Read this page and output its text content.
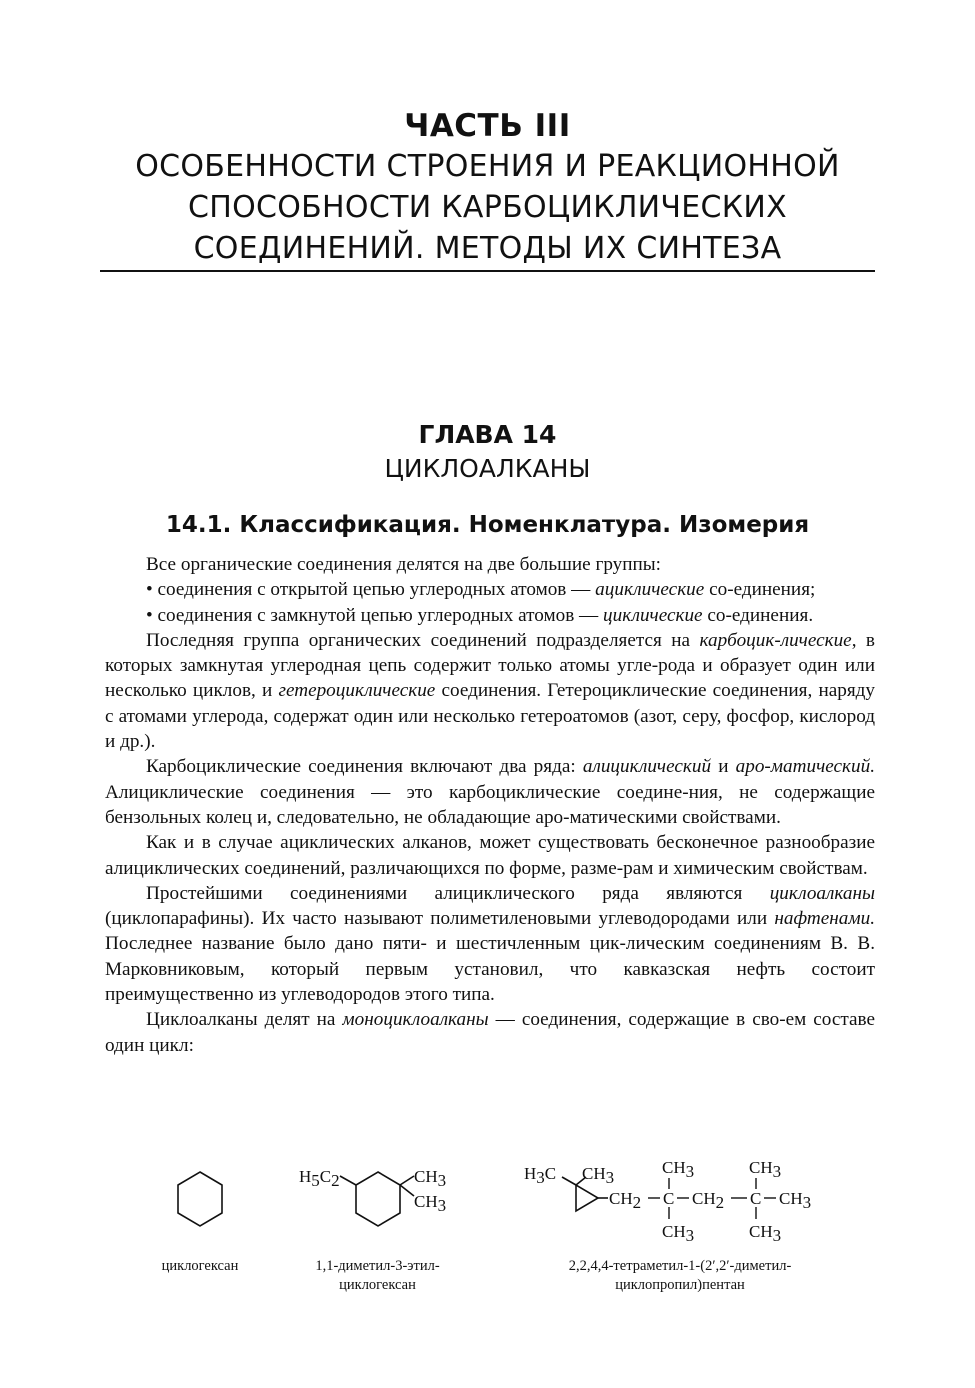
ЧАСТЬ III
ОСОБЕННОСТИ СТРОЕНИЯ И РЕАКЦИОННОЙ
СПОСОБНОСТИ КАРБОЦИКЛИЧЕСКИХ
СОЕДИНЕНИЙ. МЕТОДЫ ИХ СИНТЕЗА
ГЛАВА 14
ЦИКЛОАЛКАНЫ
14.1. Классификация. Номенклатура. Изомерия

Все органические соединения делятся на две большие группы:

• соединения с открытой цепью углеродных атомов — ациклические со-единения;

• соединения с замкнутой цепью углеродных атомов — циклические со-единения.

Последняя группа органических соединений подразделяется на карбоцик-лические, в которых замкнутая углеродная цепь содержит только атомы угле-рода и образует один или несколько циклов, и гетероциклические соединения. Гетероциклические соединения, наряду с атомами углерода, содержат один или несколько гетероатомов (азот, серу, фосфор, кислород и др.).

Карбоциклические соединения включают два ряда: алициклический и аро-матический. Алициклические соединения — это карбоциклические соедине-ния, не содержащие бензольных колец и, следовательно, не обладающие аро-матическими свойствами.

Как и в случае ациклических алканов, может существовать бесконечное разнообразие алициклических соединений, различающихся по форме, разме-рам и химическим свойствам.

Простейшими соединениями алициклического ряда являются циклоалканы (циклопарафины). Их часто называют полиметиленовыми углеводородами или нафтенами. Последнее название было дано пяти- и шестичленным цик-лическим соединениям В. В. Марковниковым, который первым установил, что кавказская нефть состоит преимущественно из углеводородов этого типа.

Циклоалканы делят на моноциклоалканы — соединения, содержащие в сво-ем составе один цикл:

циклогексан
H5C2	CH3
CH3
1,1-диметил-3-этил-
циклогексан
H3C CH3
CH2 C CH2 C CH3
CH3
CH3
CH3
CH3
2,2,4,4-тетраметил-1-(2′,2′-диметил-
циклопропил)пентан
